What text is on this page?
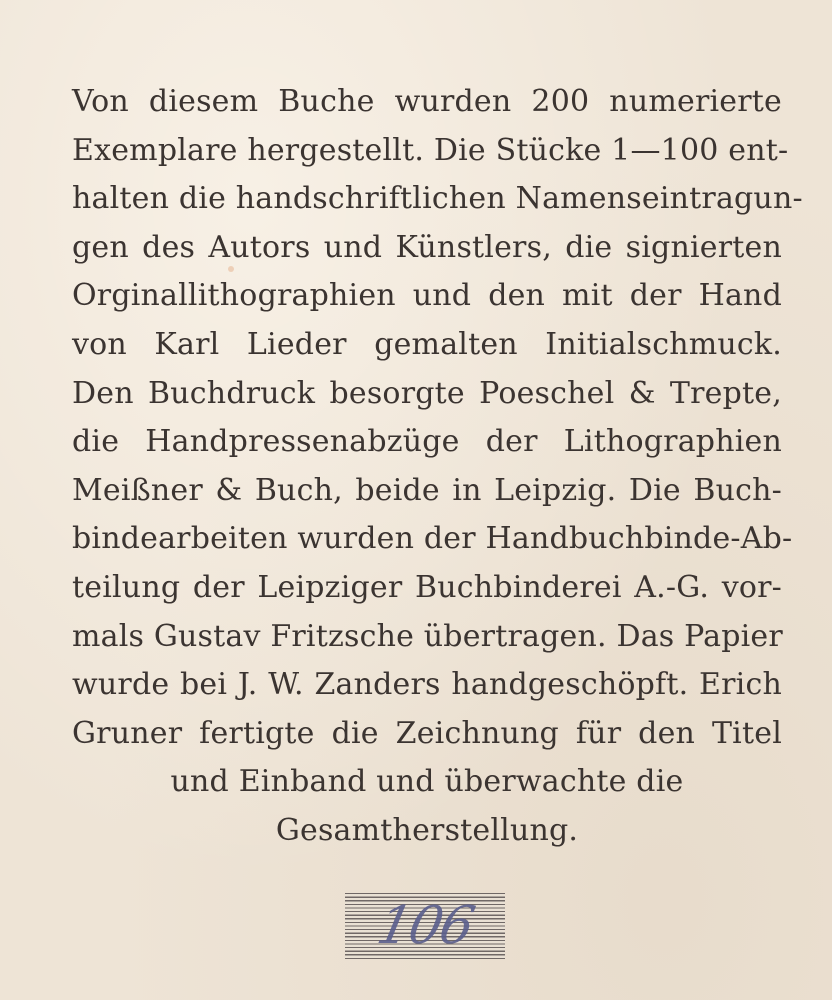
Von diesem Buche wurden 200 numerierte
Exemplare hergestellt. Die Stücke 1—100 ent-
halten die handschriftlichen Namenseintragun-
gen des Autors und Künstlers, die signierten
Orginallithographien und den mit der Hand
von Karl Lieder gemalten Initialschmuck.
Den Buchdruck besorgte Poeschel & Trepte,
die Handpressenabzüge der Lithographien
Meißner & Buch, beide in Leipzig. Die Buch-
bindearbeiten wurden der Handbuchbinde-Ab-
teilung der Leipziger Buchbinderei A.-G. vor-
mals Gustav Fritzsche übertragen. Das Papier
wurde bei J. W. Zanders handgeschöpft. Erich
Gruner fertigte die Zeichnung für den Titel
und Einband und überwachte die
Gesamtherstellung.
106
